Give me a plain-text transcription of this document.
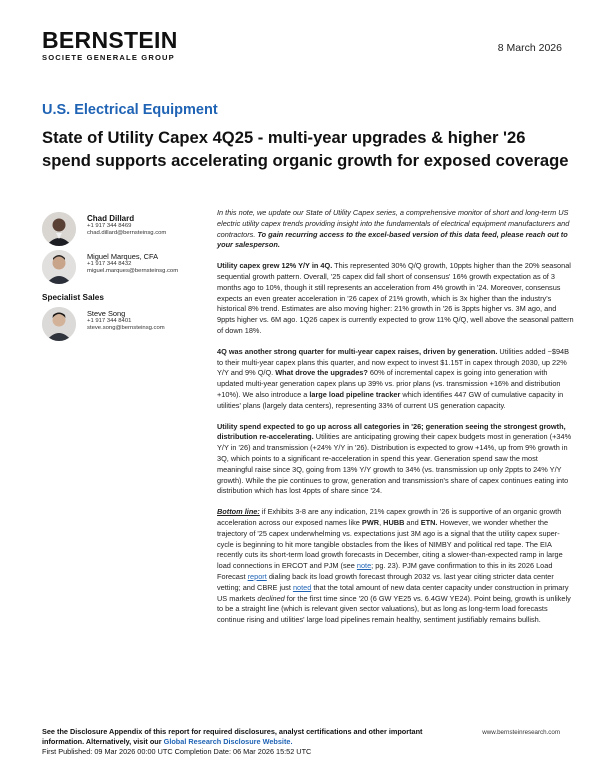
BERNSTEIN
SOCIETE GENERALE GROUP
8 March 2026
U.S. Electrical Equipment
State of Utility Capex 4Q25 - multi-year upgrades & higher '26 spend supports accelerating organic growth for exposed coverage
Chad Dillard
+1 917 344 8469
chad.dillard@bernsteinsg.com
Miguel Marques, CFA
+1 917 344 8432
miguel.marques@bernsteinsg.com
Specialist Sales
Steve Song
+1 917 344 8401
steve.song@bernsteinsg.com

In this note, we update our State of Utility Capex series, a comprehensive monitor of short and long-term US electric utility capex trends providing insight into the fundamentals of electrical equipment manufacturers and contractors. To gain recurring access to the excel-based version of this data feed, please reach out to your salesperson.

Utility capex grew 12% Y/Y in 4Q. This represented 30% Q/Q growth, 10ppts higher than the 20% seasonal sequential growth pattern. Overall, '25 capex did fall short of consensus' 16% growth expectation as of 3 months ago to 10%, though it still represents an acceleration from 4% growth in '24. Moreover, consensus expects an even greater acceleration in '26 capex of 21% growth, which is 3x higher than the industry's historical 8% trend. Estimates are also moving higher: 21% growth in '26 is 3ppts higher vs. 3M ago, and 9ppts higher vs. 6M ago. 1Q26 capex is currently expected to grow 11% Q/Q, well above the seasonal pattern of down 18%.

4Q was another strong quarter for multi-year capex raises, driven by generation. Utilities added ~$94B to their multi-year capex plans this quarter, and now expect to invest $1.15T in capex through 2030, up 22% Y/Y and 9% Q/Q. What drove the upgrades? 60% of incremental capex is going into generation with updated multi-year generation capex plans up 39% vs. prior plans (vs. transmission +16% and distribution +10%). We also introduce a large load pipeline tracker which identifies 447 GW of cumulative capacity in utilities' plans (largely data centers), representing 33% of current US generation capacity.

Utility spend expected to go up across all categories in '26; generation seeing the strongest growth, distribution re-accelerating. Utilities are anticipating growing their capex budgets most in generation (+34% Y/Y in '26) and transmission (+24% Y/Y in '26). Distribution is expected to grow +14%, up from 9% growth in 3Q, which points to a significant re-acceleration in spend this year. Generation spend saw the most meaningful raise since 3Q, going from 13% Y/Y growth to 34% (vs. transmission up only 2ppts to 24% Y/Y growth). While the pie continues to grow, generation and transmission's share of capex continues eating into distribution which has lost 4ppts of share since '24.

Bottom line: if Exhibits 3-8 are any indication, 21% capex growth in '26 is supportive of an organic growth acceleration across our exposed names like PWR, HUBB and ETN. However, we wonder whether the trajectory of '25 capex underwhelming vs. expectations just 3M ago is a signal that the utility capex super-cycle is beginning to hit more tangible obstacles from the likes of NIMBY and political red tape. The EIA recently cuts its short-term load growth forecasts in December, citing a slower-than-expected ramp in large load connections in ERCOT and PJM (see note; pg. 23). PJM gave confirmation to this in its 2026 Load Forecast report dialing back its load growth forecast through 2032 vs. last year citing stricter data center vetting; and CBRE just noted that the total amount of new data center capacity under construction in primary US markets declined for the first time since '20 (6 GW YE25 vs. 6.4GW YE24). Point being, growth is unlikely to be a straight line (which is relevant given sector valuations), but as long as long-term load forecasts continue rising and utilities' large load pipelines remain healthy, sentiment justifiably remains bullish.

See the Disclosure Appendix of this report for required disclosures, analyst certifications and other important information. Alternatively, visit our Global Research Disclosure Website.
First Published: 09 Mar 2026 00:00 UTC Completion Date: 06 Mar 2026 15:52 UTC
www.bernsteinresearch.com
